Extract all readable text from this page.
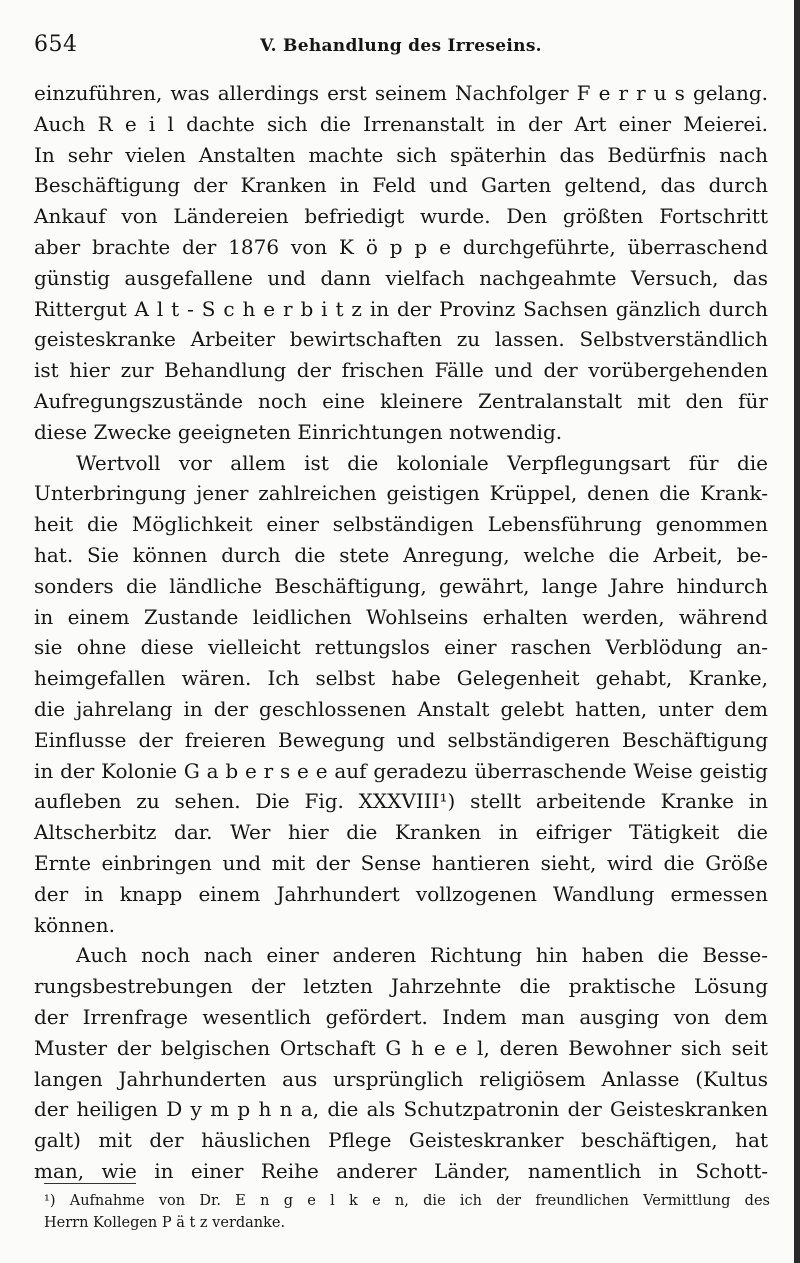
654	V. Behandlung des Irreseins.
einzuführen, was allerdings erst seinem Nachfolger F e r r u s gelang.
Auch R e i l dachte sich die Irrenanstalt in der Art einer Meierei.
In sehr vielen Anstalten machte sich späterhin das Bedürfnis nach
Beschäftigung der Kranken in Feld und Garten geltend, das durch
Ankauf von Ländereien befriedigt wurde. Den größten Fortschritt
aber brachte der 1876 von K ö p p e durchgeführte, überraschend
günstig ausgefallene und dann vielfach nachgeahmte Versuch, das
Rittergut A l t - S c h e r b i t z in der Provinz Sachsen gänzlich durch
geisteskranke Arbeiter bewirtschaften zu lassen. Selbstverständlich
ist hier zur Behandlung der frischen Fälle und der vorübergehenden
Aufregungszustände noch eine kleinere Zentralanstalt mit den für
diese Zwecke geeigneten Einrichtungen notwendig.
Wertvoll vor allem ist die koloniale Verpflegungsart für die
Unterbringung jener zahlreichen geistigen Krüppel, denen die Krank-
heit die Möglichkeit einer selbständigen Lebensführung genommen
hat. Sie können durch die stete Anregung, welche die Arbeit, be-
sonders die ländliche Beschäftigung, gewährt, lange Jahre hindurch
in einem Zustande leidlichen Wohlseins erhalten werden, während
sie ohne diese vielleicht rettungslos einer raschen Verblödung an-
heimgefallen wären. Ich selbst habe Gelegenheit gehabt, Kranke,
die jahrelang in der geschlossenen Anstalt gelebt hatten, unter dem
Einflusse der freieren Bewegung und selbständigeren Beschäftigung
in der Kolonie G a b e r s e e auf geradezu überraschende Weise geistig
aufleben zu sehen. Die Fig. XXXVIII¹) stellt arbeitende Kranke in
Altscherbitz dar. Wer hier die Kranken in eifriger Tätigkeit die
Ernte einbringen und mit der Sense hantieren sieht, wird die Größe
der in knapp einem Jahrhundert vollzogenen Wandlung ermessen
können.
Auch noch nach einer anderen Richtung hin haben die Besse-
rungsbestrebungen der letzten Jahrzehnte die praktische Lösung
der Irrenfrage wesentlich gefördert. Indem man ausging von dem
Muster der belgischen Ortschaft G h e e l, deren Bewohner sich seit
langen Jahrhunderten aus ursprünglich religiösem Anlasse (Kultus
der heiligen D y m p h n a, die als Schutzpatronin der Geisteskranken
galt) mit der häuslichen Pflege Geisteskranker beschäftigen, hat
man, wie in einer Reihe anderer Länder, namentlich in Schott-
¹) Aufnahme von Dr. E n g e l k e n, die ich der freundlichen Vermittlung des
Herrn Kollegen P ä t z verdanke.
